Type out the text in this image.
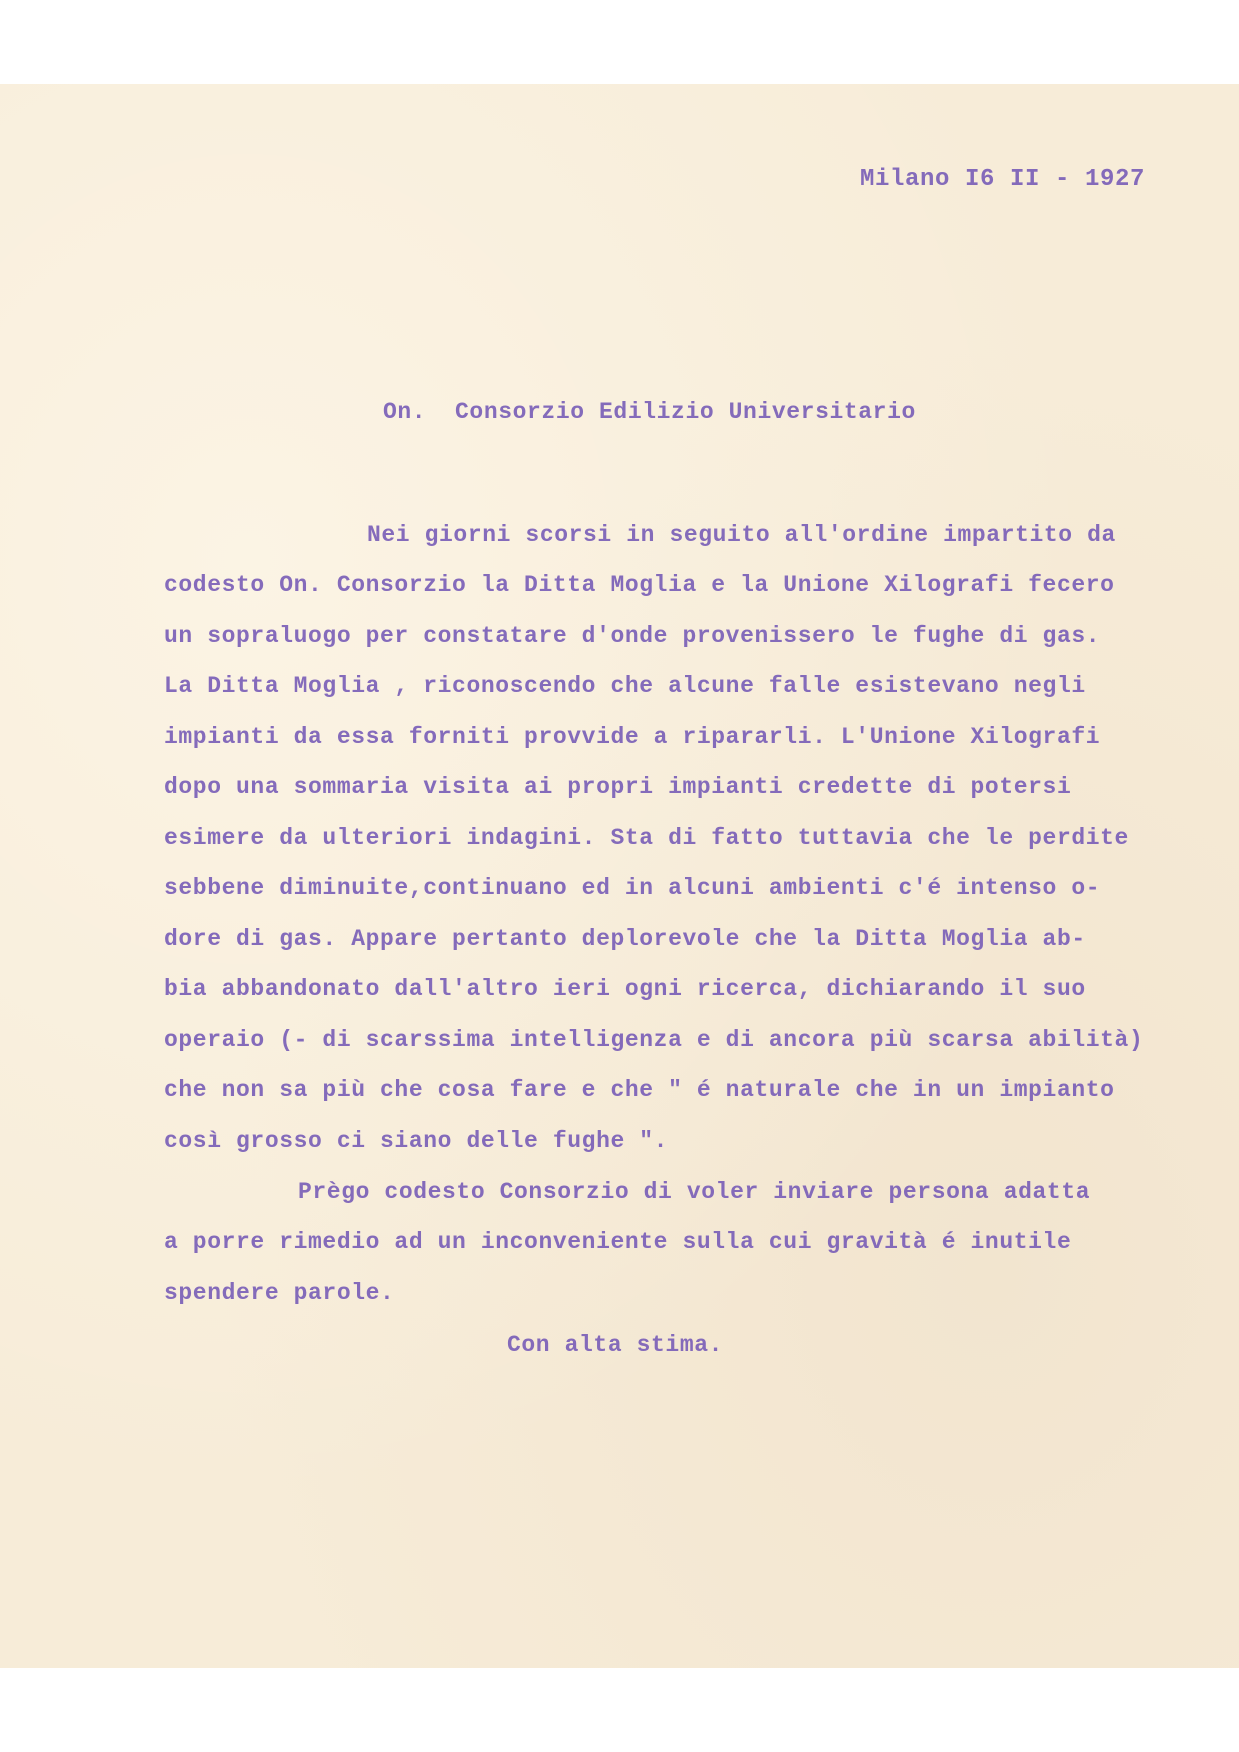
Milano I6 II - 1927
On.  Consorzio Edilizio Universitario
Nei giorni scorsi in seguito all'ordine impartito da
codesto On. Consorzio la Ditta Moglia e la Unione Xilografi fecero
un sopraluogo per constatare d'onde provenissero le fughe di gas.
La Ditta Moglia , riconoscendo che alcune falle esistevano negli
impianti da essa forniti provvide a ripararli. L'Unione Xilografi
dopo una sommaria visita ai propri impianti credette di potersi
esimere da ulteriori indagini. Sta di fatto tuttavia che le perdite
sebbene diminuite,continuano ed in alcuni ambienti c'é intenso o-
dore di gas. Appare pertanto deplorevole che la Ditta Moglia ab-
bia abbandonato dall'altro ieri ogni ricerca, dichiarando il suo
operaio (- di scarssima intelligenza e di ancora più scarsa abilità)
che non sa più che cosa fare e che " é naturale che in un impianto
così grosso ci siano delle fughe ".
Prègo codesto Consorzio di voler inviare persona adatta
a porre rimedio ad un inconveniente sulla cui gravità é inutile
spendere parole.
Con alta stima.
